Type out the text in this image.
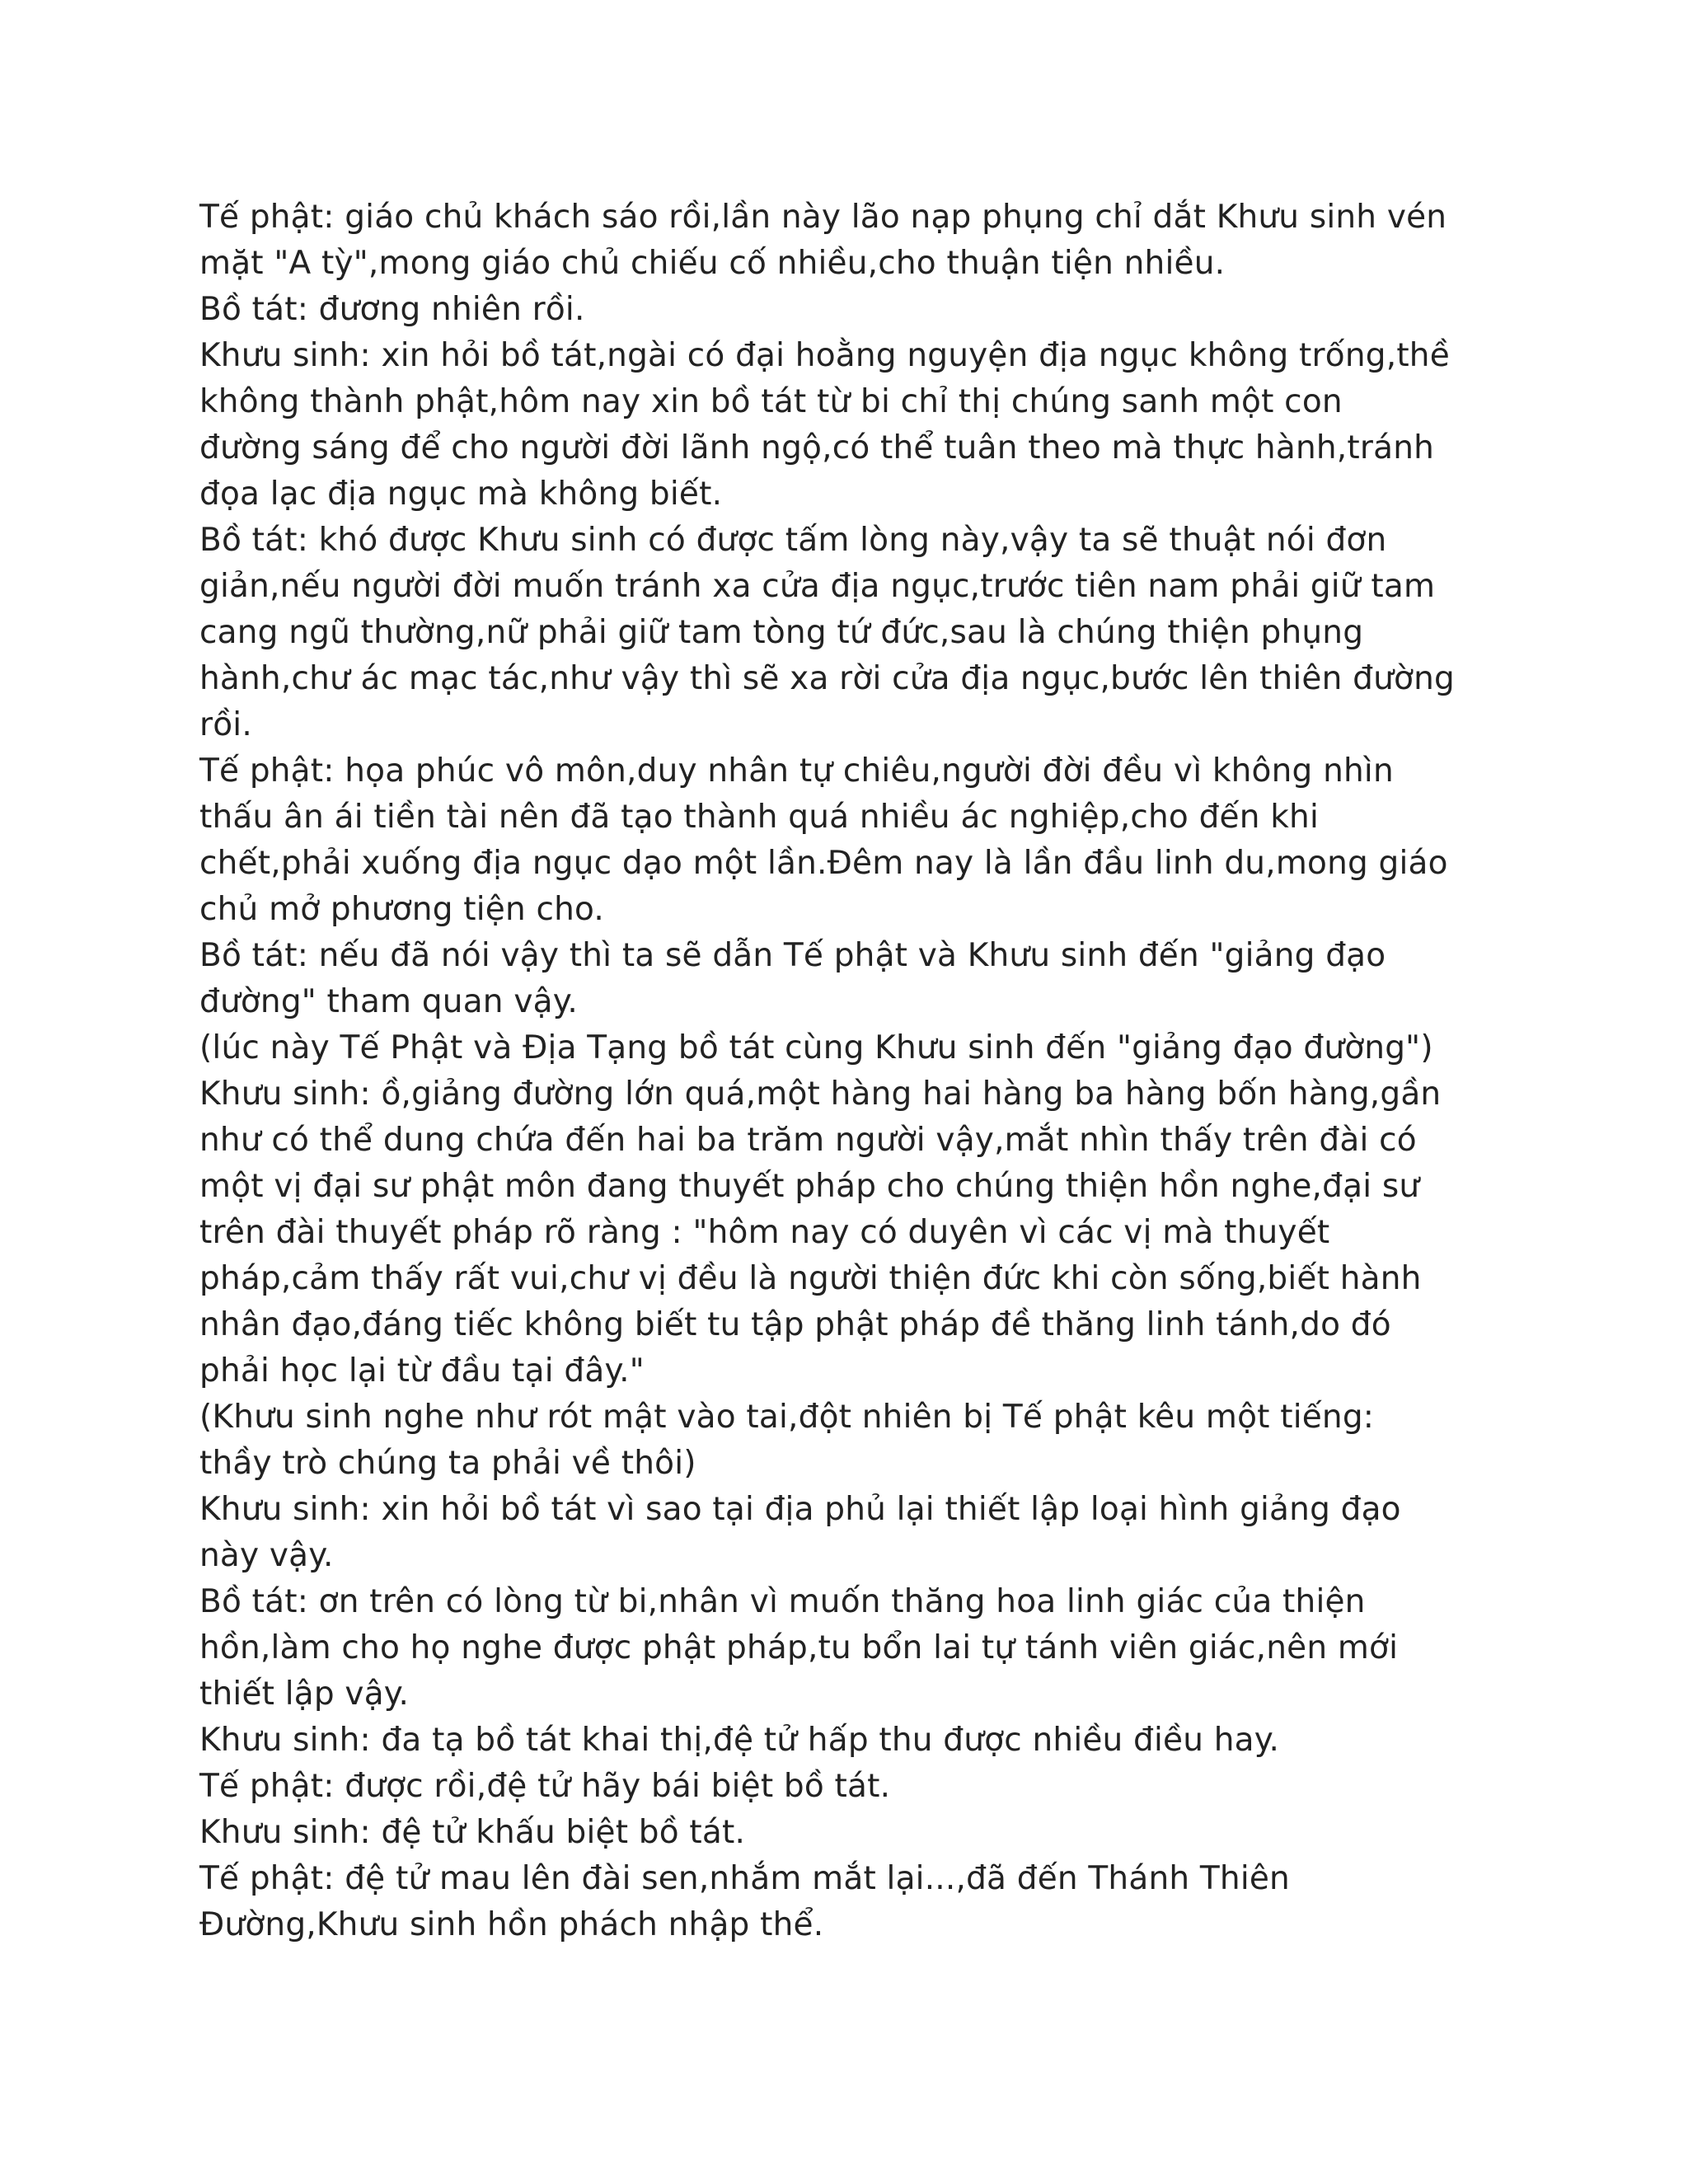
Tế phật: giáo chủ khách sáo rồi,lần này lão nạp phụng chỉ dắt Khưu sinh vén
mặt "A tỳ",mong giáo chủ chiếu cố nhiều,cho thuận tiện nhiều.
Bồ tát: đương nhiên rồi.
Khưu sinh: xin hỏi bồ tát,ngài có đại hoằng nguyện địa ngục không trống,thề
không thành phật,hôm nay xin bồ tát từ bi chỉ thị chúng sanh một con
đường sáng để cho người đời lãnh ngộ,có thể tuân theo mà thực hành,tránh
đọa lạc địa ngục mà không biết.
Bồ tát: khó được Khưu sinh có được tấm lòng này,vậy ta sẽ thuật nói đơn
giản,nếu người đời muốn tránh xa cửa địa ngục,trước tiên nam phải giữ tam
cang ngũ thường,nữ phải giữ tam tòng tứ đức,sau là chúng thiện phụng
hành,chư ác mạc tác,như vậy thì sẽ xa rời cửa địa ngục,bước lên thiên đường
rồi.
Tế phật: họa phúc vô môn,duy nhân tự chiêu,người đời đều vì không nhìn
thấu ân ái tiền tài nên đã tạo thành quá nhiều ác nghiệp,cho đến khi
chết,phải xuống địa ngục dạo một lần.Đêm nay là lần đầu linh du,mong giáo
chủ mở phương tiện cho.
Bồ tát: nếu đã nói vậy thì ta sẽ dẫn Tế phật và Khưu sinh đến "giảng đạo
đường" tham quan vậy.
(lúc này Tế Phật và Địa Tạng bồ tát cùng Khưu sinh đến "giảng đạo đường")
Khưu sinh: ồ,giảng đường lớn quá,một hàng hai hàng ba hàng bốn hàng,gần
như có thể dung chứa đến hai ba trăm người vậy,mắt nhìn thấy trên đài có
một vị đại sư phật môn đang thuyết pháp cho chúng thiện hồn nghe,đại sư
trên đài thuyết pháp rõ ràng : "hôm nay có duyên vì các vị mà thuyết
pháp,cảm thấy rất vui,chư vị đều là người thiện đức khi còn sống,biết hành
nhân đạo,đáng tiếc không biết tu tập phật pháp đề thăng linh tánh,do đó
phải học lại từ đầu tại đây."
(Khưu sinh nghe như rót mật vào tai,đột nhiên bị Tế phật kêu một tiếng:
thầy trò chúng ta phải về thôi)
Khưu sinh: xin hỏi bồ tát vì sao tại địa phủ lại thiết lập loại hình giảng đạo
này vậy.
Bồ tát: ơn trên có lòng từ bi,nhân vì muốn thăng hoa linh giác của thiện
hồn,làm cho họ nghe được phật pháp,tu bổn lai tự tánh viên giác,nên mới
thiết lập vậy.
Khưu sinh: đa tạ bồ tát khai thị,đệ tử hấp thu được nhiều điều hay.
Tế phật: được rồi,đệ tử hãy bái biệt bồ tát.
Khưu sinh: đệ tử khấu biệt bồ tát.
Tế phật: đệ tử mau lên đài sen,nhắm mắt lại...,đã đến Thánh Thiên
Đường,Khưu sinh hồn phách nhập thể.
